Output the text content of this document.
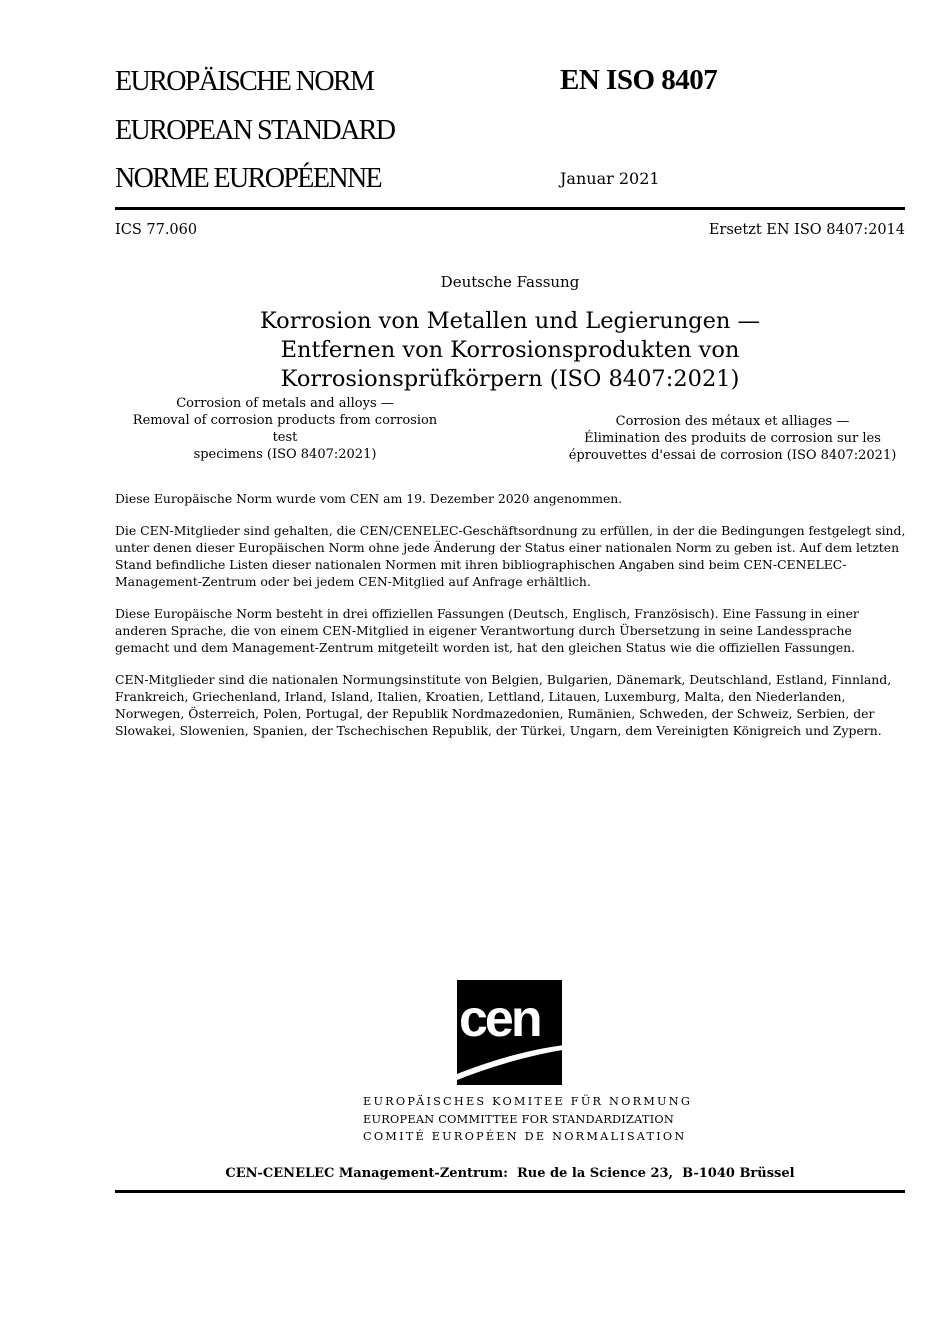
EUROPÄISCHE NORM
EUROPEAN STANDARD
NORME EUROPÉENNE
EN ISO 8407
Januar 2021
ICS 77.060	Ersetzt EN ISO 8407:2014
Deutsche Fassung
Korrosion von Metallen und Legierungen —
Entfernen von Korrosionsprodukten von
Korrosionsprüfkörpern (ISO 8407:2021)
Corrosion of metals and alloys —
Removal of corrosion products from corrosion test
specimens (ISO 8407:2021)
Corrosion des métaux et alliages —
Élimination des produits de corrosion sur les
éprouvettes d'essai de corrosion (ISO 8407:2021)

Diese Europäische Norm wurde vom CEN am 19. Dezember 2020 angenommen.

Die CEN-Mitglieder sind gehalten, die CEN/CENELEC-Geschäftsordnung zu erfüllen, in der die Bedingungen festgelegt sind, unter denen dieser Europäischen Norm ohne jede Änderung der Status einer nationalen Norm zu geben ist. Auf dem letzten Stand befindliche Listen dieser nationalen Normen mit ihren bibliographischen Angaben sind beim CEN-CENELEC-Management-Zentrum oder bei jedem CEN-Mitglied auf Anfrage erhältlich.

Diese Europäische Norm besteht in drei offiziellen Fassungen (Deutsch, Englisch, Französisch). Eine Fassung in einer anderen Sprache, die von einem CEN-Mitglied in eigener Verantwortung durch Übersetzung in seine Landessprache gemacht und dem Management-Zentrum mitgeteilt worden ist, hat den gleichen Status wie die offiziellen Fassungen.

CEN-Mitglieder sind die nationalen Normungsinstitute von Belgien, Bulgarien, Dänemark, Deutschland, Estland, Finnland, Frankreich, Griechenland, Irland, Island, Italien, Kroatien, Lettland, Litauen, Luxemburg, Malta, den Niederlanden, Norwegen, Österreich, Polen, Portugal, der Republik Nordmazedonien, Rumänien, Schweden, der Schweiz, Serbien, der Slowakei, Slowenien, Spanien, der Tschechischen Republik, der Türkei, Ungarn, dem Vereinigten Königreich und Zypern.

cen
EUROPÄISCHES KOMITEE FÜR NORMUNG
EUROPEAN COMMITTEE FOR STANDARDIZATION
COMITÉ EUROPÉEN DE NORMALISATION
CEN-CENELEC Management-Zentrum:  Rue de la Science 23,  B-1040 Brüssel
